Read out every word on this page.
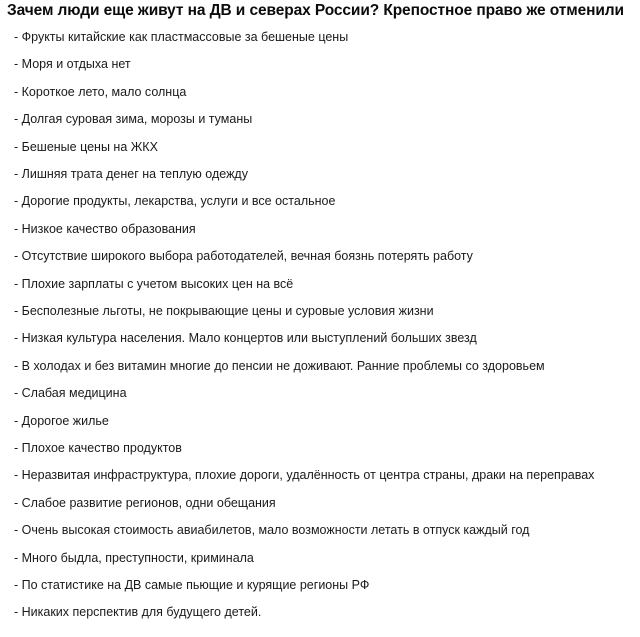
Зачем люди еще живут на ДВ и северах России? Крепостное право же отменили
- Фрукты китайские как пластмассовые за бешеные цены
- Моря и отдыха нет
- Короткое лето, мало солнца
- Долгая суровая зима, морозы и туманы
- Бешеные цены на ЖКХ
- Лишняя трата денег на теплую одежду
- Дорогие продукты, лекарства, услуги и все остальное
- Низкое качество образования
- Отсутствие широкого выбора работодателей, вечная боязнь потерять работу
- Плохие зарплаты с учетом высоких цен на всё
- Бесполезные льготы, не покрывающие цены и суровые условия жизни
- Низкая культура населения. Мало концертов или выступлений больших звезд
- В холодах и без витамин многие до пенсии не доживают. Ранние проблемы со здоровьем
- Слабая медицина
- Дорогое жилье
- Плохое качество продуктов
- Неразвитая инфраструктура, плохие дороги, удалённость от центра страны, драки на переправах
- Слабое развитие регионов, одни обещания
- Очень высокая стоимость авиабилетов, мало возможности летать в отпуск каждый год
- Много быдла, преступности, криминала
- По статистике на ДВ самые пьющие и курящие регионы РФ
- Никаких перспектив для будущего детей.
